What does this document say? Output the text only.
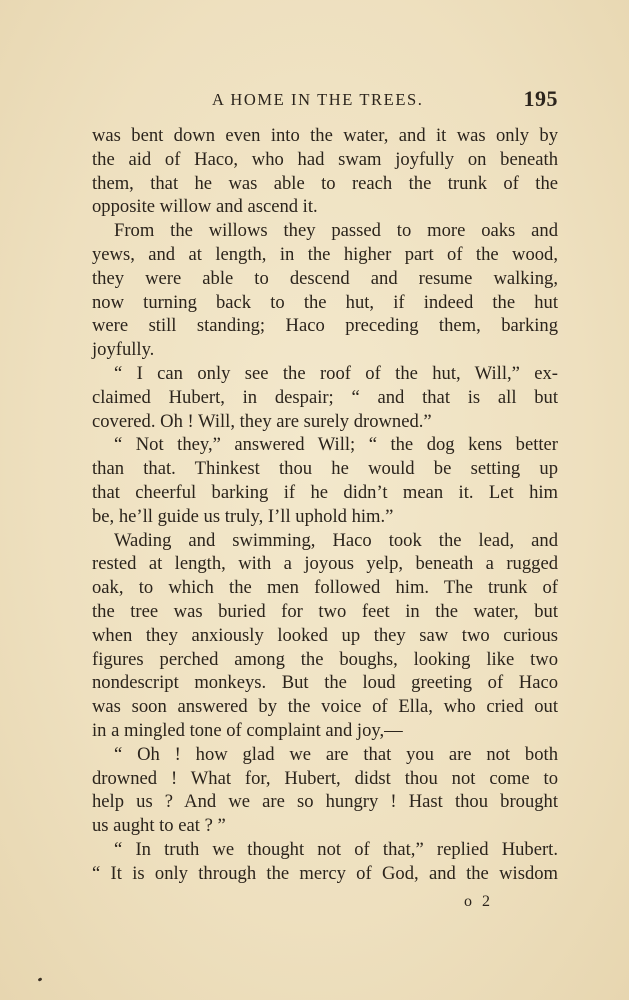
A HOME IN THE TREES.	195
was bent down even into the water, and it was only by
the aid of Haco, who had swam joyfully on beneath
them, that he was able to reach the trunk of the
opposite willow and ascend it.
From the willows they passed to more oaks and
yews, and at length, in the higher part of the wood,
they were able to descend and resume walking,
now turning back to the hut, if indeed the hut
were still standing; Haco preceding them, barking
joyfully.
“ I can only see the roof of the hut, Will,” ex-
claimed Hubert, in despair; “ and that is all but
covered. Oh ! Will, they are surely drowned.”
“ Not they,” answered Will; “ the dog kens better
than that. Thinkest thou he would be setting up
that cheerful barking if he didn’t mean it. Let him
be, he’ll guide us truly, I’ll uphold him.”
Wading and swimming, Haco took the lead, and
rested at length, with a joyous yelp, beneath a rugged
oak, to which the men followed him. The trunk of
the tree was buried for two feet in the water, but
when they anxiously looked up they saw two curious
figures perched among the boughs, looking like two
nondescript monkeys. But the loud greeting of Haco
was soon answered by the voice of Ella, who cried out
in a mingled tone of complaint and joy,—
“ Oh ! how glad we are that you are not both
drowned ! What for, Hubert, didst thou not come to
help us ? And we are so hungry ! Hast thou brought
us aught to eat ? ”
“ In truth we thought not of that,” replied Hubert.
“ It is only through the mercy of God, and the wisdom
o 2
